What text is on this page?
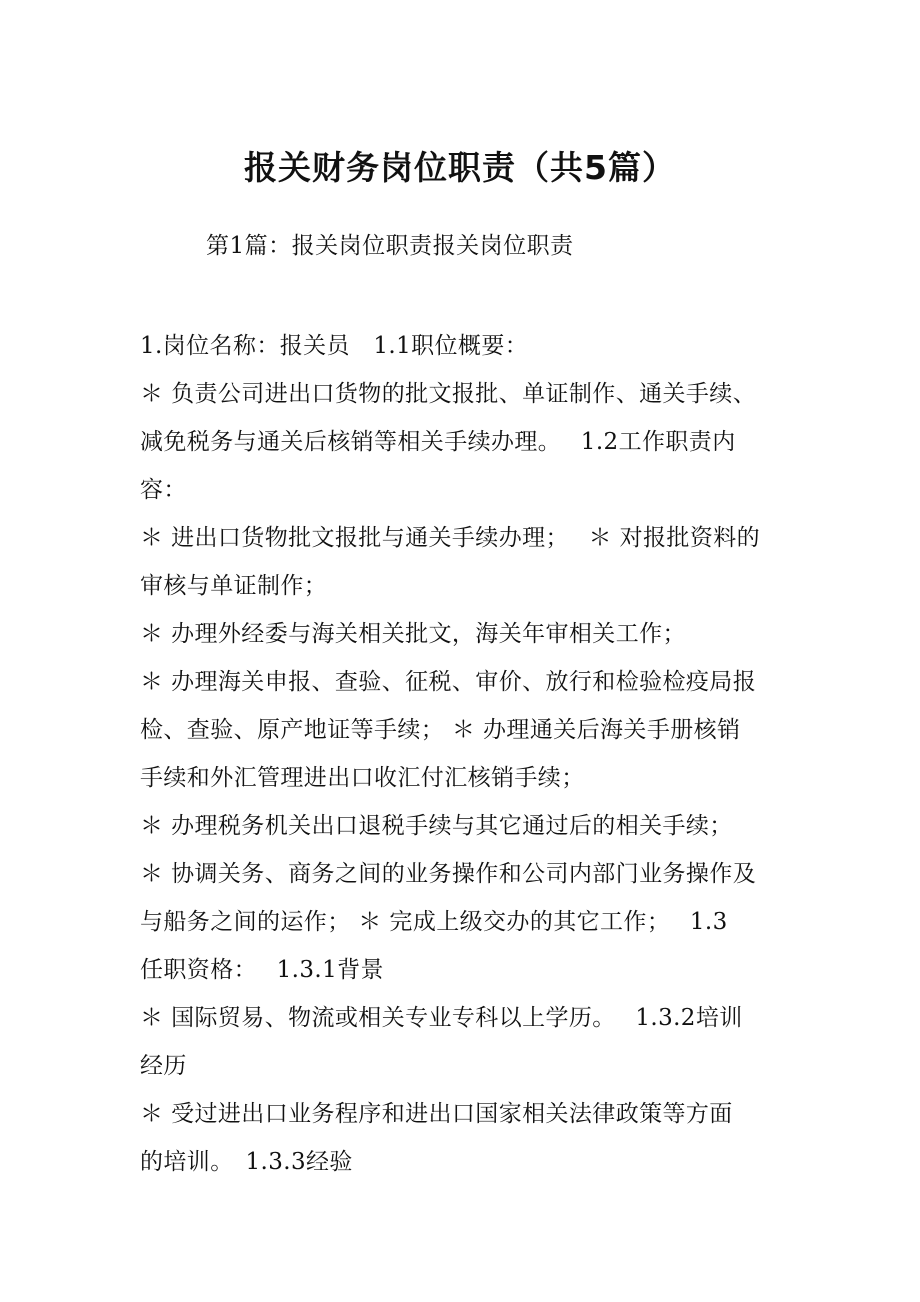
报关财务岗位职责（共5篇）

第1篇：报关岗位职责报关岗位职责

1.岗位名称：报关员　1.1职位概要：
＊ 负责公司进出口货物的批文报批、单证制作、通关手续、
减免税务与通关后核销等相关手续办理。　 1.2工作职责内
容：
＊ 进出口货物批文报批与通关手续办理；　 ＊ 对报批资料的
审核与单证制作；
＊ 办理外经委与海关相关批文，海关年审相关工作；
＊ 办理海关申报、查验、征税、审价、放行和检验检疫局报
检、查验、原产地证等手续； ＊ 办理通关后海关手册核销
手续和外汇管理进出口收汇付汇核销手续；
＊ 办理税务机关出口退税手续与其它通过后的相关手续；
＊ 协调关务、商务之间的业务操作和公司内部门业务操作及
与船务之间的运作； ＊ 完成上级交办的其它工作；　 1.3
任职资格：　 1.3.1背景
＊ 国际贸易、物流或相关专业专科以上学历。　 1.3.2培训
经历
＊ 受过进出口业务程序和进出口国家相关法律政策等方面
的培训。　1.3.3经验
